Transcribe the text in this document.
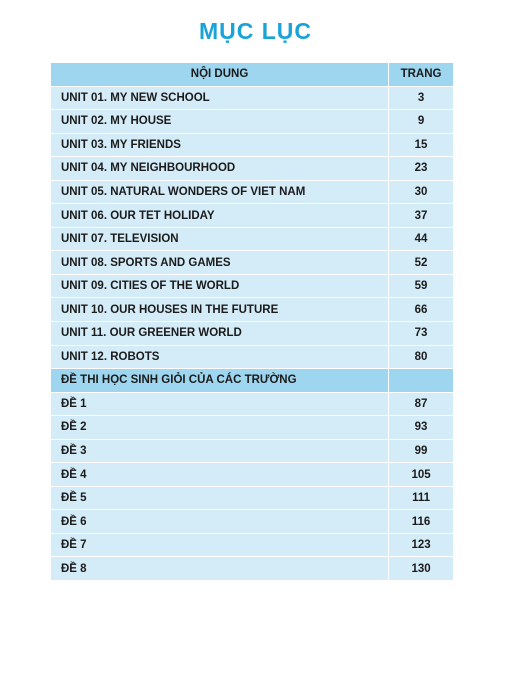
MỤC LỤC
NỘI DUNG	TRANG
UNIT 01. MY NEW SCHOOL	3
UNIT 02. MY HOUSE	9
UNIT 03. MY FRIENDS	15
UNIT 04. MY NEIGHBOURHOOD	23
UNIT 05. NATURAL WONDERS OF VIET NAM	30
UNIT 06. OUR TET HOLIDAY	37
UNIT 07. TELEVISION	44
UNIT 08. SPORTS AND GAMES	52
UNIT 09. CITIES OF THE WORLD	59
UNIT 10. OUR HOUSES IN THE FUTURE	66
UNIT 11. OUR GREENER WORLD	73
UNIT 12. ROBOTS	80
ĐỀ THI HỌC SINH GIỎI CỦA CÁC TRƯỜNG	
ĐỀ 1	87
ĐỀ 2	93
ĐỀ 3	99
ĐỀ 4	105
ĐỀ 5	111
ĐỀ 6	116
ĐỀ 7	123
ĐỀ 8	130
